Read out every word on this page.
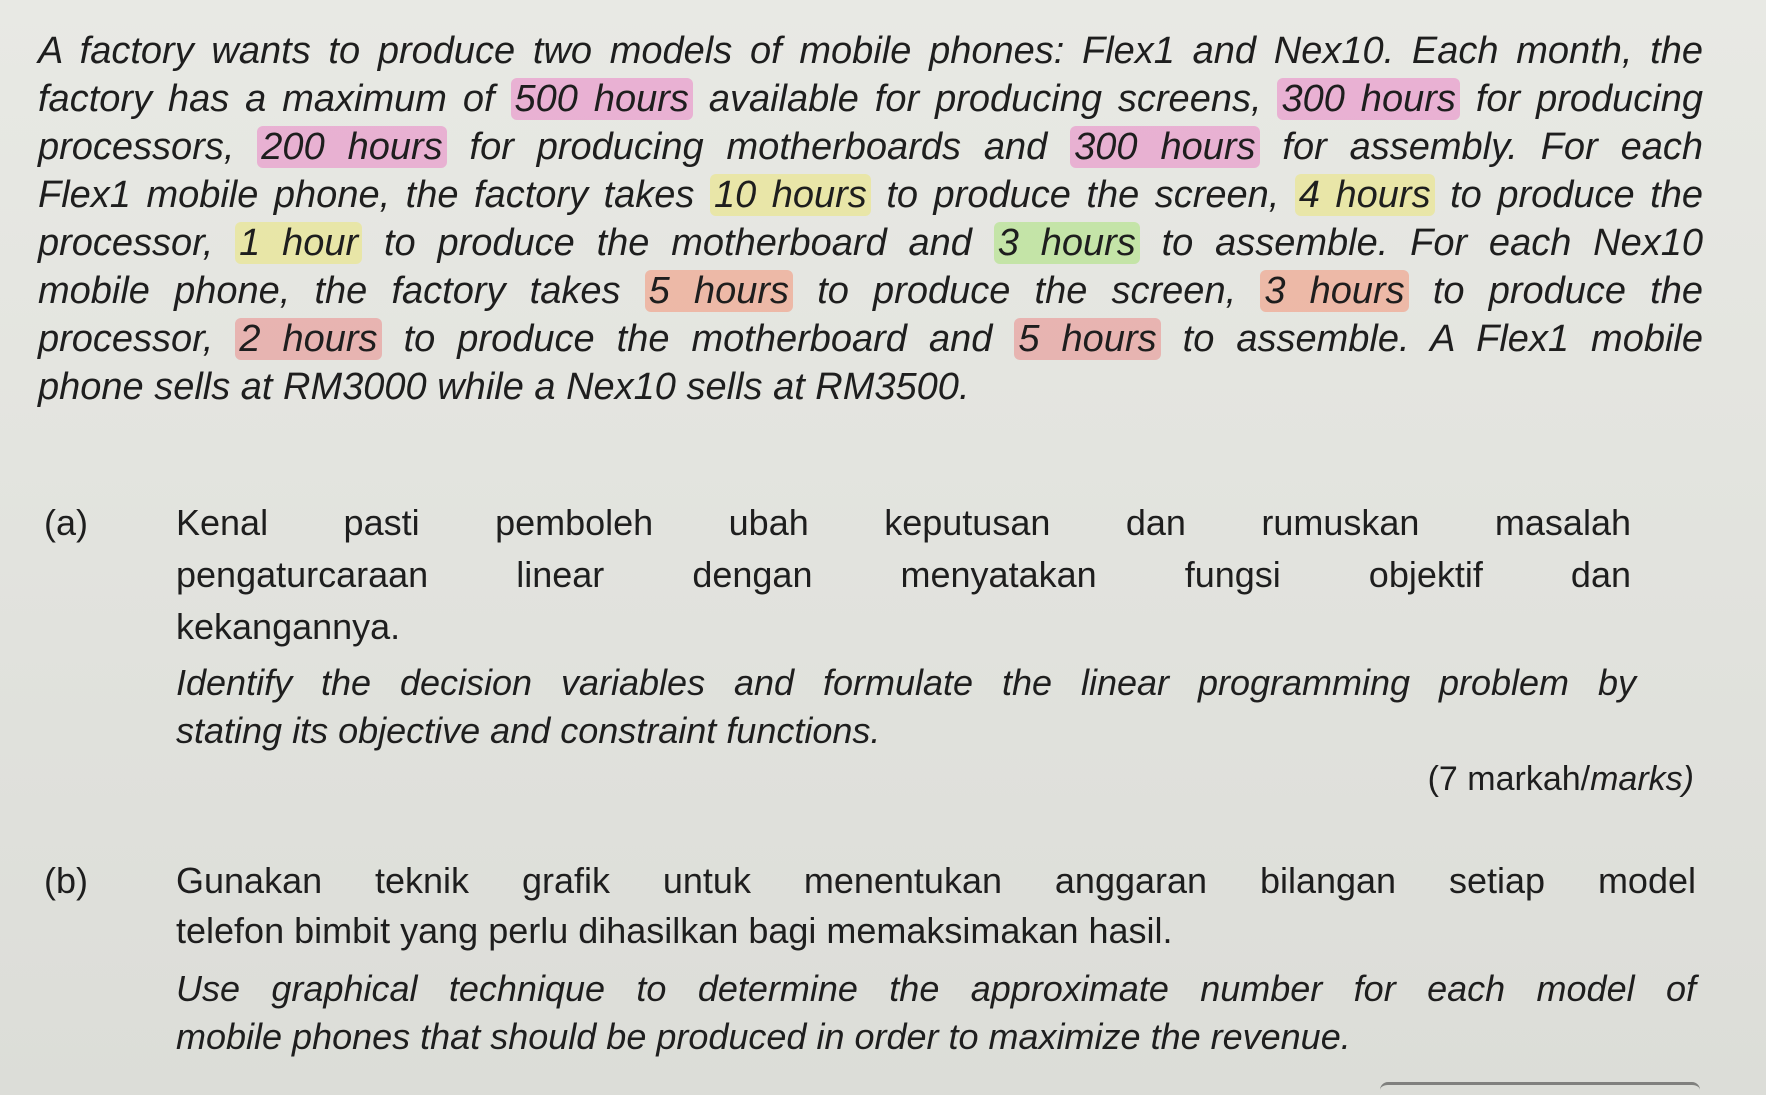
A factory wants to produce two models of mobile phones: Flex1 and Nex10. Each month, the
factory has a maximum of 500 hours available for producing screens, 300 hours for producing
processors, 200 hours for producing motherboards and 300 hours for assembly. For each
Flex1 mobile phone, the factory takes 10 hours to produce the screen, 4 hours to produce the
processor, 1 hour to produce the motherboard and 3 hours to assemble. For each Nex10
mobile phone, the factory takes 5 hours to produce the screen, 3 hours to produce the
processor, 2 hours to produce the motherboard and 5 hours to assemble. A Flex1 mobile
phone sells at RM3000 while a Nex10 sells at RM3500.
(a) Kenal pasti pemboleh ubah keputusan dan rumuskan masalah
pengaturcaraan linear dengan menyatakan fungsi objektif dan
kekangannya.
Identify the decision variables and formulate the linear programming problem by
stating its objective and constraint functions.
(7 markah/marks)
(b) Gunakan teknik grafik untuk menentukan anggaran bilangan setiap model
telefon bimbit yang perlu dihasilkan bagi memaksimakan hasil.
Use graphical technique to determine the approximate number for each model of
mobile phones that should be produced in order to maximize the revenue.
